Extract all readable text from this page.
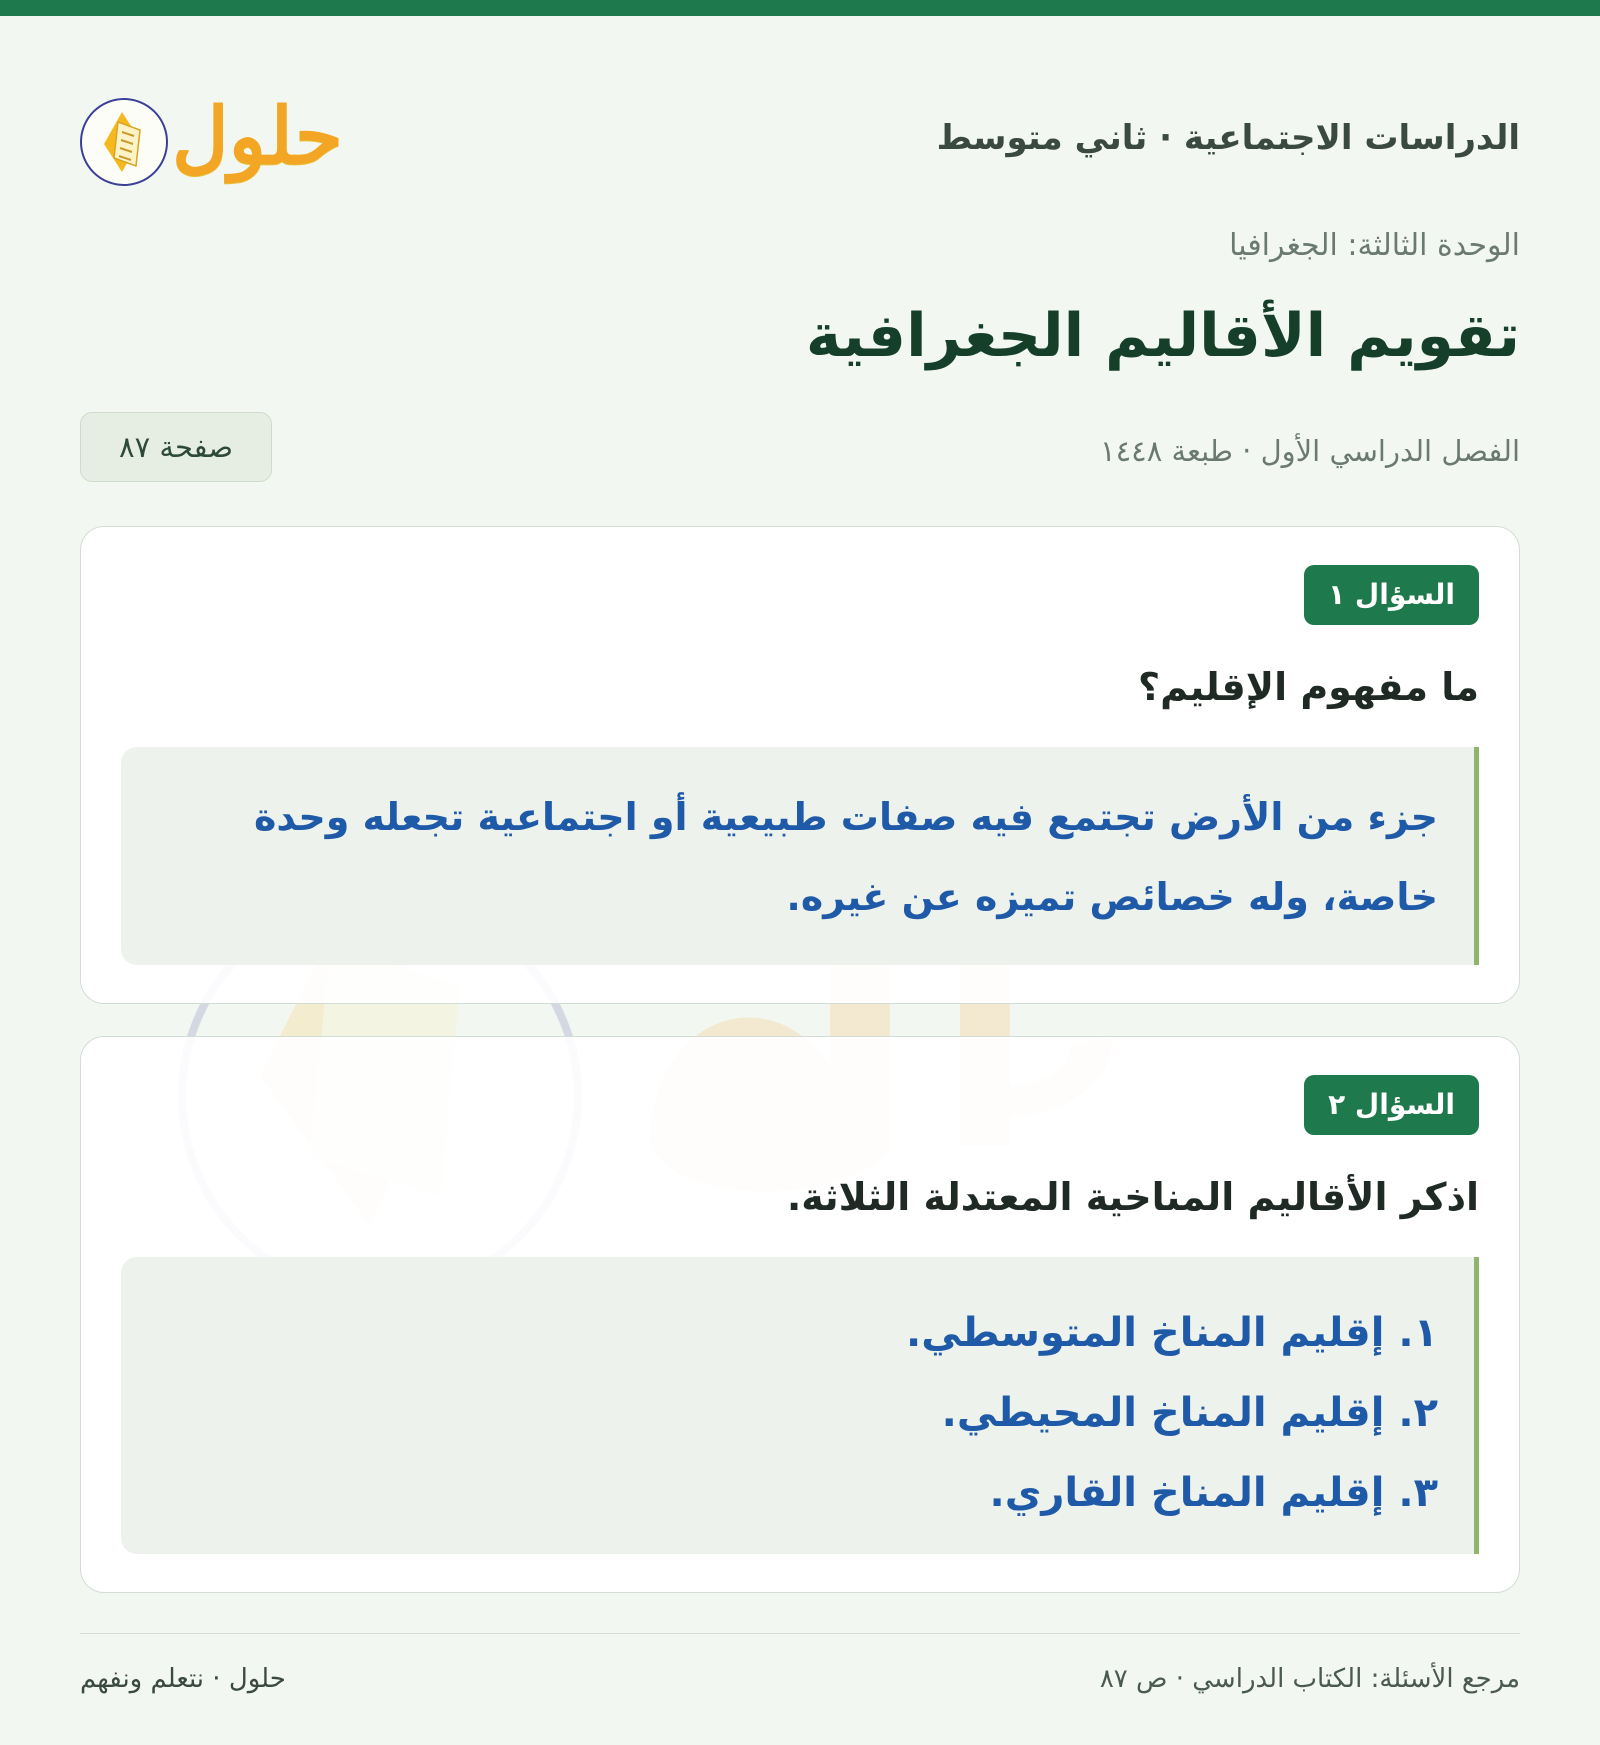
الدراسات الاجتماعية · ثاني متوسط
حلول
الوحدة الثالثة: الجغرافيا
تقويم الأقاليم الجغرافية
الفصل الدراسي الأول · طبعة ١٤٤٨
صفحة ٨٧
السؤال ١
ما مفهوم الإقليم؟

جزء من الأرض تجتمع فيه صفات طبيعية أو اجتماعية تجعله وحدة خاصة، وله خصائص تميزه عن غيره.

السؤال ٢
اذكر الأقاليم المناخية المعتدلة الثلاثة.
١. إقليم المناخ المتوسطي.
٢. إقليم المناخ المحيطي.
٣. إقليم المناخ القاري.
مرجع الأسئلة: الكتاب الدراسي · ص ٨٧
حلول · نتعلم ونفهم
